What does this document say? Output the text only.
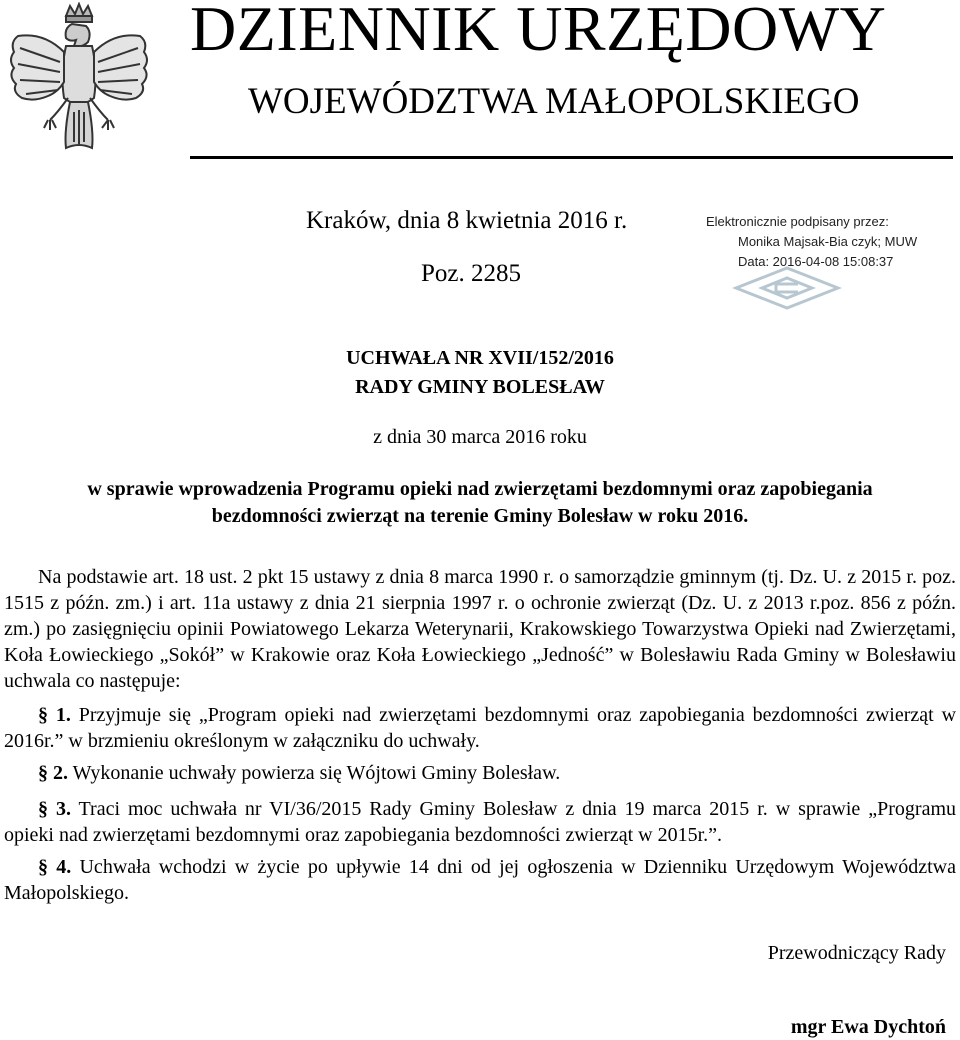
DZIENNIK URZĘDOWY
WOJEWÓDZTWA MAŁOPOLSKIEGO
Kraków, dnia 8 kwietnia 2016 r.
Poz. 2285
Elektronicznie podpisany przez:
Monika Majsak-Bia czyk; MUW
Data: 2016-04-08 15:08:37
UCHWAŁA NR XVII/152/2016
RADY GMINY BOLESŁAW
z dnia 30 marca 2016 roku
w sprawie wprowadzenia Programu opieki nad zwierzętami bezdomnymi oraz zapobiegania
bezdomności zwierząt na terenie Gminy Bolesław w roku 2016.
Na podstawie art. 18 ust. 2 pkt 15 ustawy z dnia 8 marca 1990 r. o samorządzie gminnym (tj. Dz. U. z 2015 r. poz. 1515 z późn. zm.) i art. 11a ustawy z dnia 21 sierpnia 1997 r. o ochronie zwierząt (Dz. U. z 2013 r.poz. 856 z późn. zm.) po zasięgnięciu opinii Powiatowego Lekarza Weterynarii, Krakowskiego Towarzystwa Opieki nad Zwierzętami, Koła Łowieckiego „Sokół” w Krakowie oraz Koła Łowieckiego „Jedność” w Bolesławiu Rada Gminy w Bolesławiu uchwala co następuje:
§ 1. Przyjmuje się „Program opieki nad zwierzętami bezdomnymi oraz zapobiegania bezdomności zwierząt w 2016r.” w brzmieniu określonym w załączniku do uchwały.
§ 2. Wykonanie uchwały powierza się Wójtowi Gminy Bolesław.
§ 3. Traci moc uchwała nr VI/36/2015 Rady Gminy Bolesław z dnia 19 marca 2015 r. w sprawie „Programu opieki nad zwierzętami bezdomnymi oraz zapobiegania bezdomności zwierząt w 2015r.”.
§ 4. Uchwała wchodzi w życie po upływie 14 dni od jej ogłoszenia w Dzienniku Urzędowym Województwa Małopolskiego.
Przewodniczący Rady
mgr Ewa Dychtoń
